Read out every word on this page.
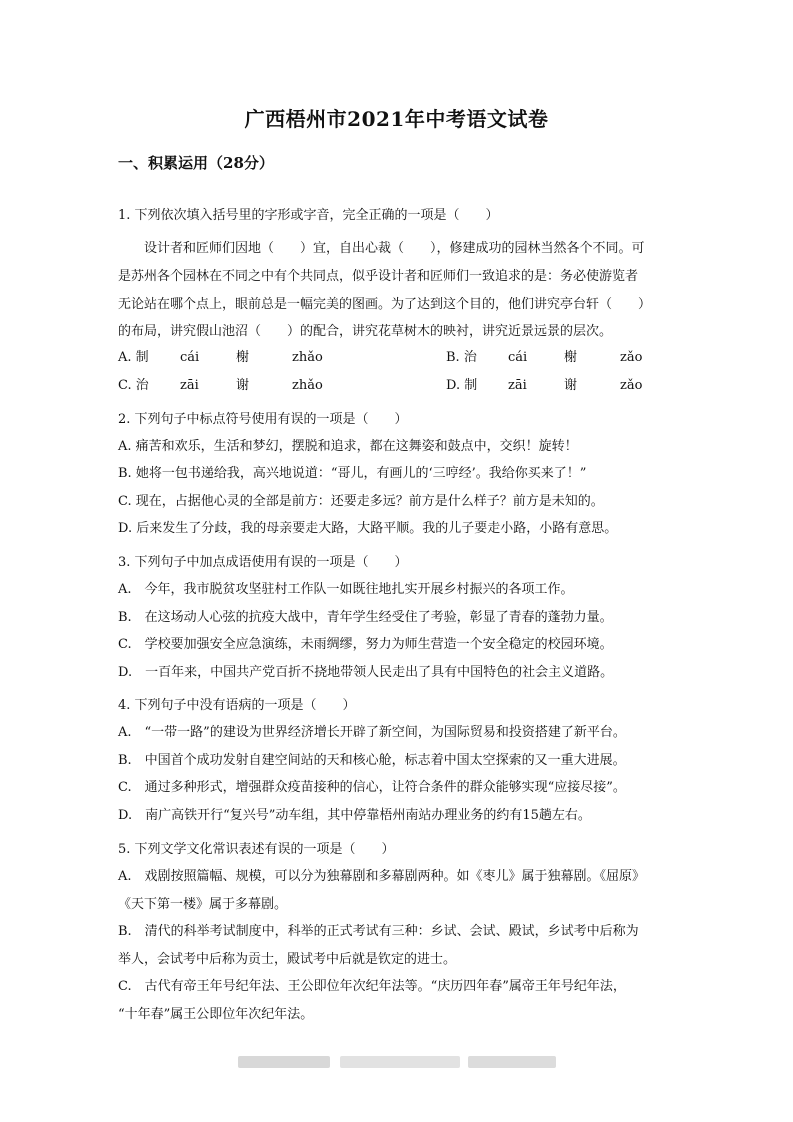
广西梧州市2021年中考语文试卷
一、积累运用（28分）
1. 下列依次填入括号里的字形或字音，完全正确的一项是（　　）
　　设计者和匠师们因地（　　）宜，自出心裁（　　），修建成功的园林当然各个不同。可
是苏州各个园林在不同之中有个共同点，似乎设计者和匠师们一致追求的是：务必使游览者
无论站在哪个点上，眼前总是一幅完美的图画。为了达到这个目的，他们讲究亭台轩（　　）
的布局，讲究假山池沼（　　）的配合，讲究花草树木的映衬，讲究近景远景的层次。
A. 制 cái	榭	zhǎo	B. 治 cái	榭	zǎo
C. 治 zāi	谢	zhǎo	D. 制 zāi	谢	zǎo
2. 下列句子中标点符号使用有误的一项是（　　）
A. 痛苦和欢乐，生活和梦幻，摆脱和追求，都在这舞姿和鼓点中，交织！旋转！
B. 她将一包书递给我，高兴地说道：“哥儿，有画儿的‘三哼经’。我给你买来了！”
C. 现在，占据他心灵的全部是前方：还要走多远？前方是什么样子？前方是未知的。
D. 后来发生了分歧，我的母亲要走大路，大路平顺。我的儿子要走小路，小路有意思。
3. 下列句子中加点成语使用有误的一项是（　　）
A.　今年，我市脱贫攻坚驻村工作队一如既往地扎实开展乡村振兴的各项工作。
B.　在这场动人心弦的抗疫大战中，青年学生经受住了考验，彰显了青春的蓬勃力量。
C.　学校要加强安全应急演练，未雨绸缪，努力为师生营造一个安全稳定的校园环境。
D.　一百年来，中国共产党百折不挠地带领人民走出了具有中国特色的社会主义道路。
4. 下列句子中没有语病的一项是（　　）
A.　“一带一路”的建设为世界经济增长开辟了新空间，为国际贸易和投资搭建了新平台。
B.　中国首个成功发射自建空间站的天和核心舱，标志着中国太空探索的又一重大进展。
C.　通过多种形式，增强群众疫苗接种的信心，让符合条件的群众能够实现“应接尽接”。
D.　南广高铁开行“复兴号”动车组，其中停靠梧州南站办理业务的约有15趟左右。
5. 下列文学文化常识表述有误的一项是（　　）
A.　戏剧按照篇幅、规模，可以分为独幕剧和多幕剧两种。如《枣儿》属于独幕剧。《屈原》
《天下第一楼》属于多幕剧。
B.　清代的科举考试制度中，科举的正式考试有三种：乡试、会试、殿试，乡试考中后称为
举人，会试考中后称为贡士，殿试考中后就是钦定的进士。
C.　古代有帝王年号纪年法、王公即位年次纪年法等。“庆历四年春”属帝王年号纪年法，
“十年春”属王公即位年次纪年法。
